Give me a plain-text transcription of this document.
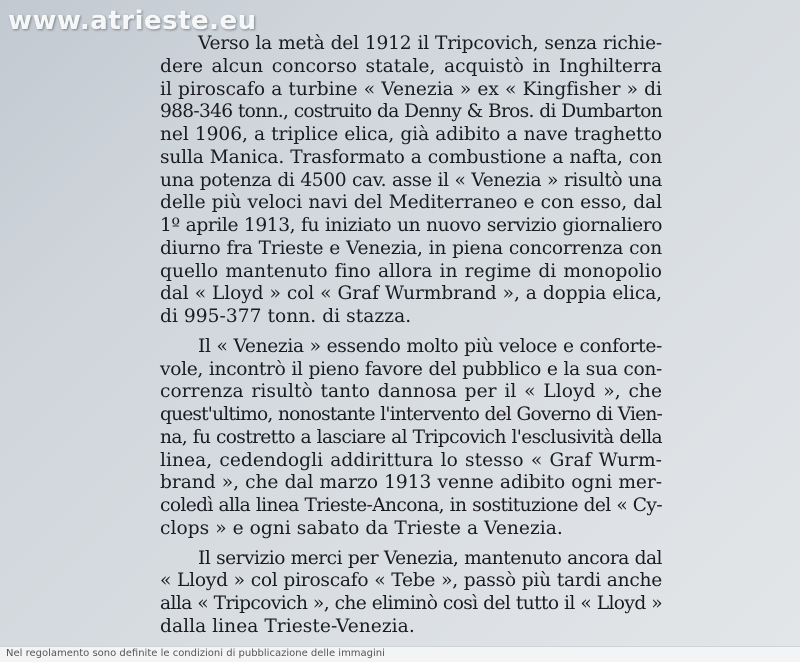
www.atrieste.eu

Verso la metà del 1912 il Tripcovich, senza richie-
dere alcun concorso statale, acquistò in Inghilterra
il piroscafo a turbine « Venezia » ex « Kingfisher » di
988-346 tonn., costruito da Denny & Bros. di Dumbarton
nel 1906, a triplice elica, già adibito a nave traghetto
sulla Manica. Trasformato a combustione a nafta, con
una potenza di 4500 cav. asse il « Venezia » risultò una
delle più veloci navi del Mediterraneo e con esso, dal
1º aprile 1913, fu iniziato un nuovo servizio giornaliero
diurno fra Trieste e Venezia, in piena concorrenza con
quello mantenuto fino allora in regime di monopolio
dal « Lloyd » col « Graf Wurmbrand », a doppia elica,
di 995-377 tonn. di stazza.

Il « Venezia » essendo molto più veloce e conforte-
vole, incontrò il pieno favore del pubblico e la sua con-
correnza risultò tanto dannosa per il « Lloyd », che
quest'ultimo, nonostante l'intervento del Governo di Vien-
na, fu costretto a lasciare al Tripcovich l'esclusività della
linea, cedendogli addirittura lo stesso « Graf Wurm-
brand », che dal marzo 1913 venne adibito ogni mer-
coledì alla linea Trieste-Ancona, in sostituzione del « Cy-
clops » e ogni sabato da Trieste a Venezia.

Il servizio merci per Venezia, mantenuto ancora dal
« Lloyd » col piroscafo « Tebe », passò più tardi anche
alla « Tripcovich », che eliminò così del tutto il « Lloyd »
dalla linea Trieste-Venezia.

Nel regolamento sono definite le condizioni di pubblicazione delle immagini
